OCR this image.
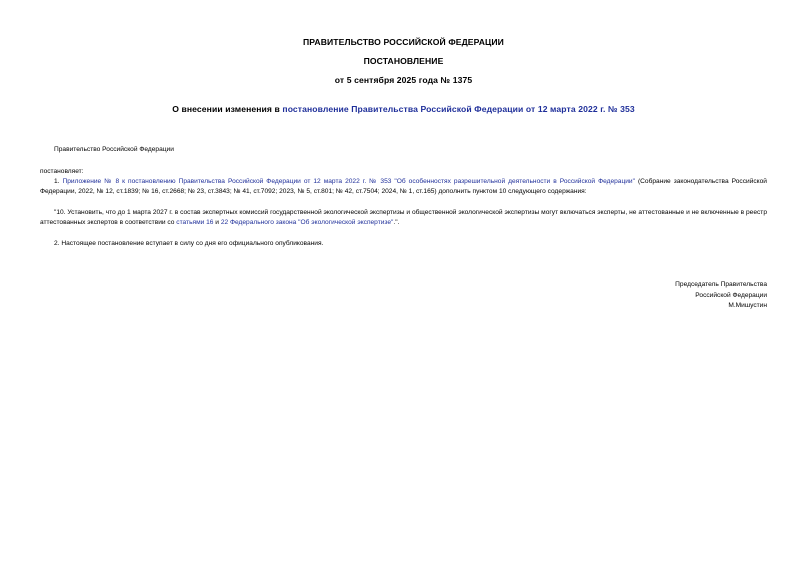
ПРАВИТЕЛЬСТВО РОССИЙСКОЙ ФЕДЕРАЦИИ
ПОСТАНОВЛЕНИЕ
от 5 сентября 2025 года № 1375
О внесении изменения в постановление Правительства Российской Федерации от 12 марта 2022 г. № 353
Правительство Российской Федерации
постановляет:
1. Приложение № 8 к постановлению Правительства Российской Федерации от 12 марта 2022 г. № 353 "Об особенностях разрешительной деятельности в Российской Федерации" (Собрание законодательства Российской Федерации, 2022, № 12, ст.1839; № 16, ст.2668; № 23, ст.3843; № 41, ст.7092; 2023, № 5, ст.801; № 42, ст.7504; 2024, № 1, ст.165) дополнить пунктом 10 следующего содержания:
"10. Установить, что до 1 марта 2027 г. в состав экспертных комиссий государственной экологической экспертизы и общественной экологической экспертизы могут включаться эксперты, не аттестованные и не включенные в реестр аттестованных экспертов в соответствии со статьями 16 и 22 Федерального закона "Об экологической экспертизе".".
2. Настоящее постановление вступает в силу со дня его официального опубликования.
Председатель Правительства
Российской Федерации
М.Мишустин
